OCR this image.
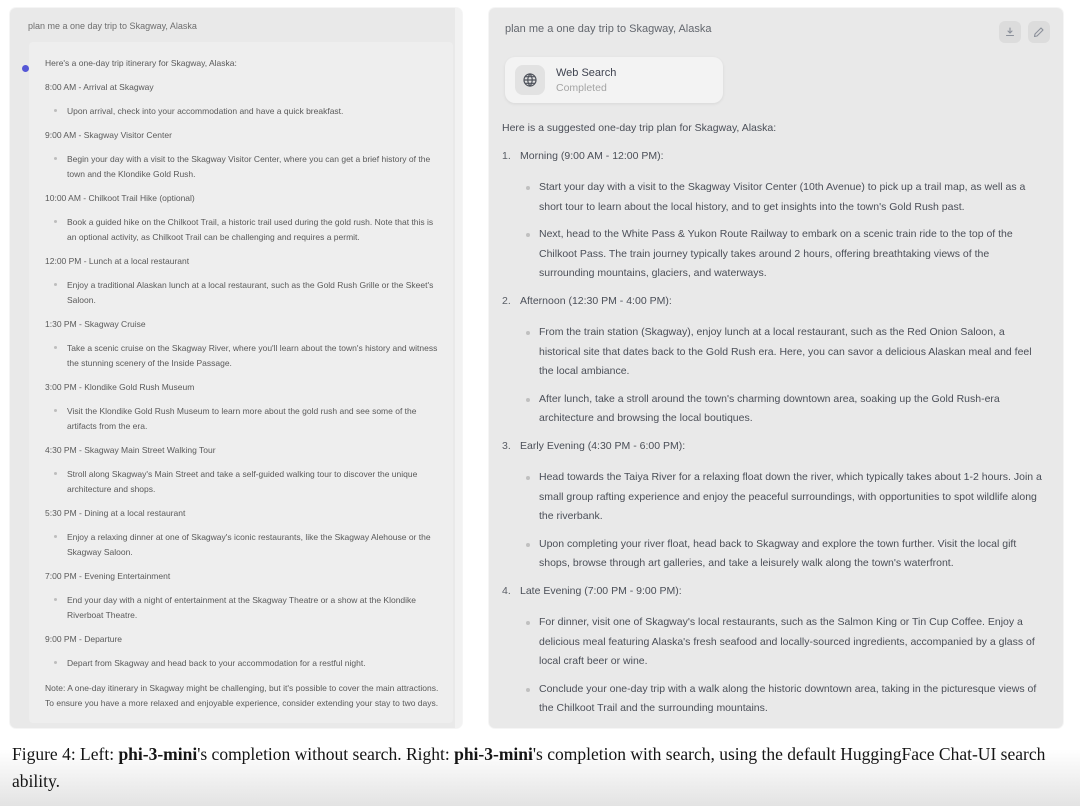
plan me a one day trip to Skagway, Alaska
Here's a one-day trip itinerary for Skagway, Alaska:
8:00 AM - Arrival at Skagway
Upon arrival, check into your accommodation and have a quick breakfast.
9:00 AM - Skagway Visitor Center
Begin your day with a visit to the Skagway Visitor Center, where you can get a brief history of the town and the Klondike Gold Rush.
10:00 AM - Chilkoot Trail Hike (optional)
Book a guided hike on the Chilkoot Trail, a historic trail used during the gold rush. Note that this is an optional activity, as Chilkoot Trail can be challenging and requires a permit.
12:00 PM - Lunch at a local restaurant
Enjoy a traditional Alaskan lunch at a local restaurant, such as the Gold Rush Grille or the Skeet's Saloon.
1:30 PM - Skagway Cruise
Take a scenic cruise on the Skagway River, where you'll learn about the town's history and witness the stunning scenery of the Inside Passage.
3:00 PM - Klondike Gold Rush Museum
Visit the Klondike Gold Rush Museum to learn more about the gold rush and see some of the artifacts from the era.
4:30 PM - Skagway Main Street Walking Tour
Stroll along Skagway's Main Street and take a self-guided walking tour to discover the unique architecture and shops.
5:30 PM - Dining at a local restaurant
Enjoy a relaxing dinner at one of Skagway's iconic restaurants, like the Skagway Alehouse or the Skagway Saloon.
7:00 PM - Evening Entertainment
End your day with a night of entertainment at the Skagway Theatre or a show at the Klondike Riverboat Theatre.
9:00 PM - Departure
Depart from Skagway and head back to your accommodation for a restful night.
Note: A one-day itinerary in Skagway might be challenging, but it's possible to cover the main attractions. To ensure you have a more relaxed and enjoyable experience, consider extending your stay to two days.
plan me a one day trip to Skagway, Alaska
Web Search
Completed
Here is a suggested one-day trip plan for Skagway, Alaska:
1. Morning (9:00 AM - 12:00 PM):
Start your day with a visit to the Skagway Visitor Center (10th Avenue) to pick up a trail map, as well as a short tour to learn about the local history, and to get insights into the town's Gold Rush past.
Next, head to the White Pass & Yukon Route Railway to embark on a scenic train ride to the top of the Chilkoot Pass. The train journey typically takes around 2 hours, offering breathtaking views of the surrounding mountains, glaciers, and waterways.
2. Afternoon (12:30 PM - 4:00 PM):
From the train station (Skagway), enjoy lunch at a local restaurant, such as the Red Onion Saloon, a historical site that dates back to the Gold Rush era. Here, you can savor a delicious Alaskan meal and feel the local ambiance.
After lunch, take a stroll around the town's charming downtown area, soaking up the Gold Rush-era architecture and browsing the local boutiques.
3. Early Evening (4:30 PM - 6:00 PM):
Head towards the Taiya River for a relaxing float down the river, which typically takes about 1-2 hours. Join a small group rafting experience and enjoy the peaceful surroundings, with opportunities to spot wildlife along the riverbank.
Upon completing your river float, head back to Skagway and explore the town further. Visit the local gift shops, browse through art galleries, and take a leisurely walk along the town's waterfront.
4. Late Evening (7:00 PM - 9:00 PM):
For dinner, visit one of Skagway's local restaurants, such as the Salmon King or Tin Cup Coffee. Enjoy a delicious meal featuring Alaska's fresh seafood and locally-sourced ingredients, accompanied by a glass of local craft beer or wine.
Conclude your one-day trip with a walk along the historic downtown area, taking in the picturesque views of the Chilkoot Trail and the surrounding mountains.
Figure 4: Left: phi-3-mini's completion without search. Right: phi-3-mini's completion with search, using the default HuggingFace Chat-UI search ability.
